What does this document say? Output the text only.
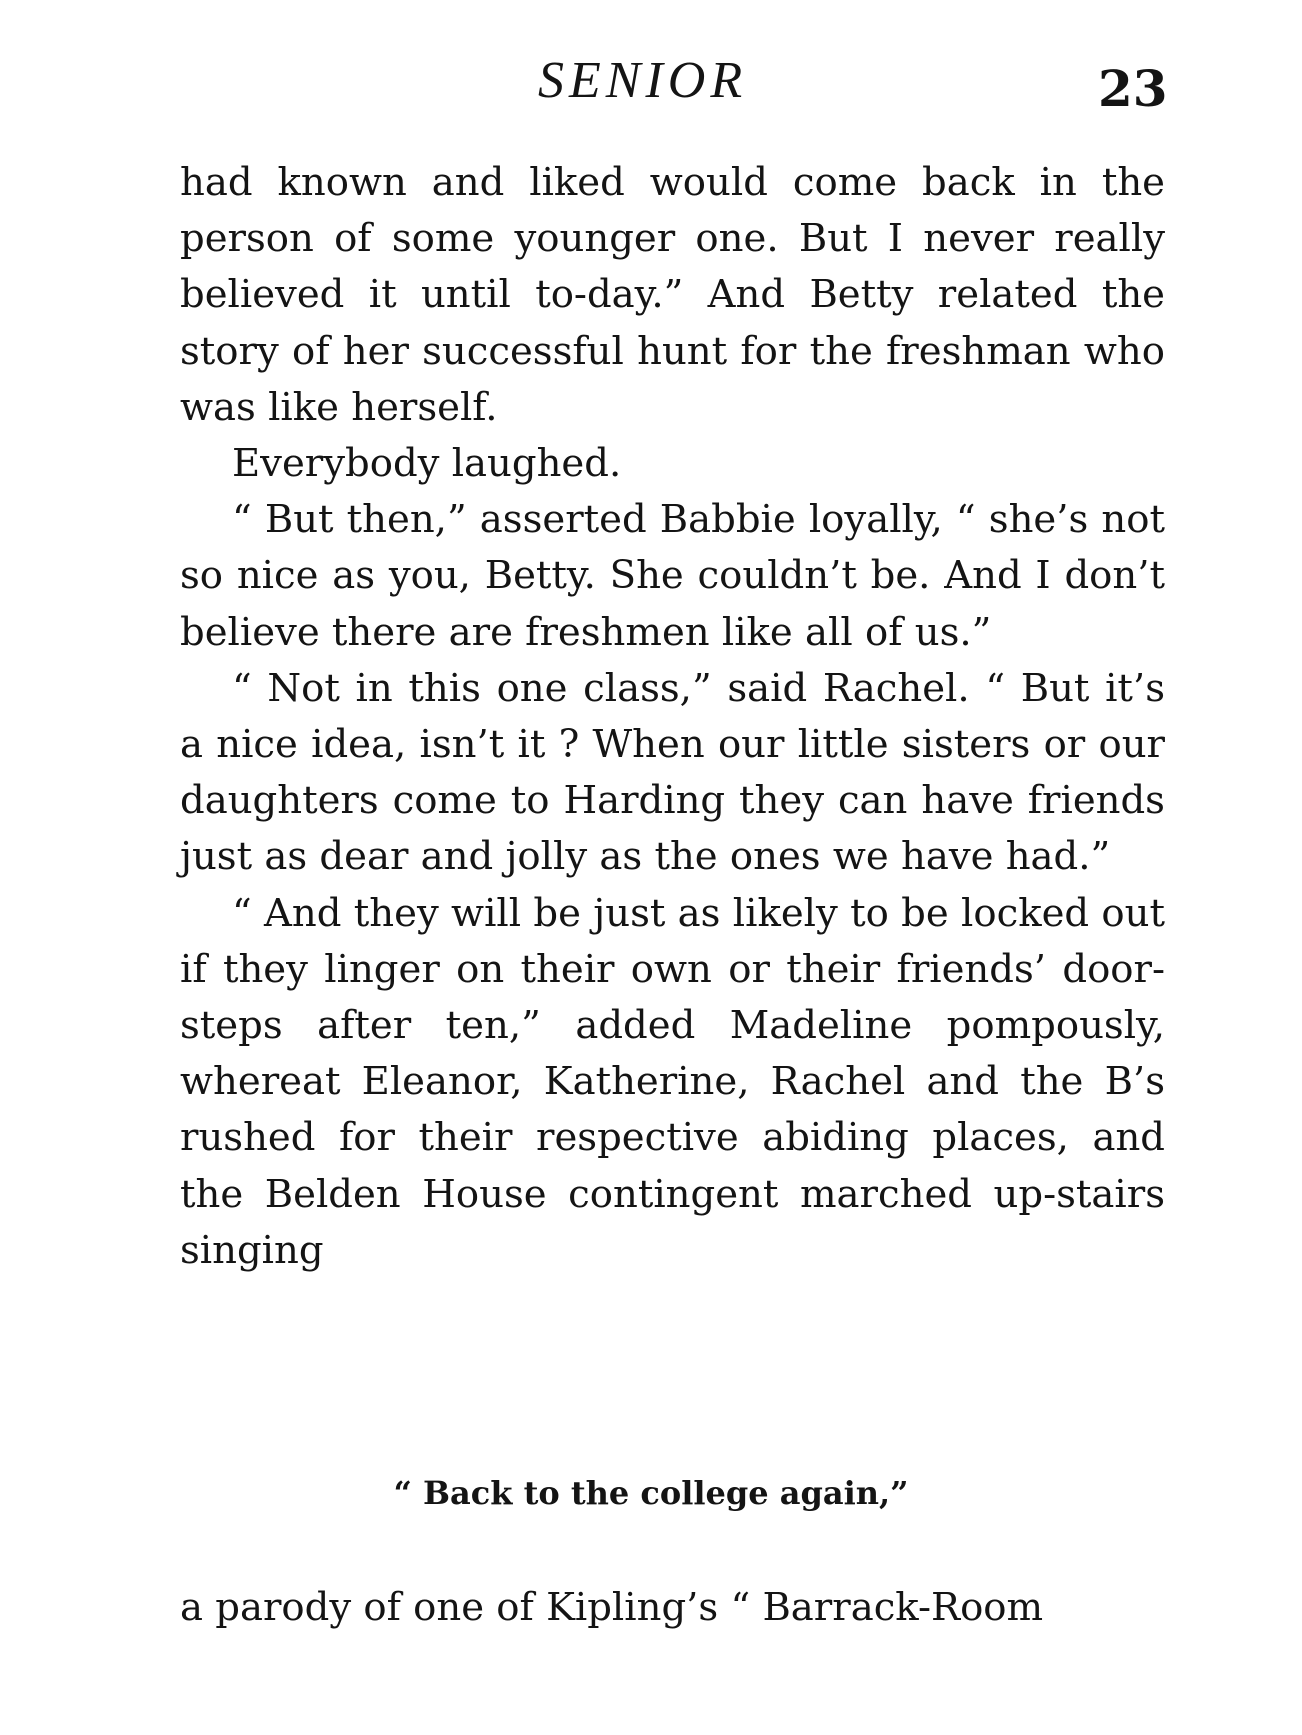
SENIOR	23

had known and liked would come back in the person of some younger one. But I never really believed it until to-day.” And Betty related the story of her successful hunt for the freshman who was like herself.

Everybody laughed.

“ But then,” asserted Babbie loyally, “ she’s not so nice as you, Betty. She couldn’t be. And I don’t believe there are freshmen like all of us.”

“ Not in this one class,” said Rachel. “ But it’s a nice idea, isn’t it ? When our little sisters or our daughters come to Harding they can have friends just as dear and jolly as the ones we have had.”

“ And they will be just as likely to be locked out if they linger on their own or their friends’ door-steps after ten,” added Madeline pompously, whereat Eleanor, Katherine, Rachel and the B’s rushed for their respective abiding places, and the Belden House contingent marched up-stairs singing

“ Back to the college again,”
a parody of one of Kipling’s “ Barrack-Room
